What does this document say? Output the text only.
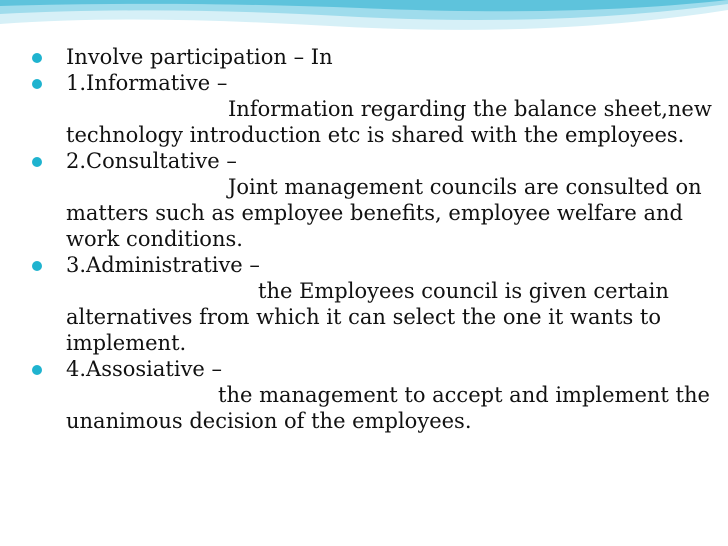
Involve participation – In
1.Informative –
Information regarding the balance sheet,new technology introduction etc is shared with the employees.
2.Consultative –
Joint management councils are consulted on matters such as employee benefits, employee welfare and work conditions.
3.Administrative –
the Employees council is given certain alternatives from which it can select the one it wants to implement.
4.Assosiative –
the management to accept and implement the unanimous decision of the employees.
